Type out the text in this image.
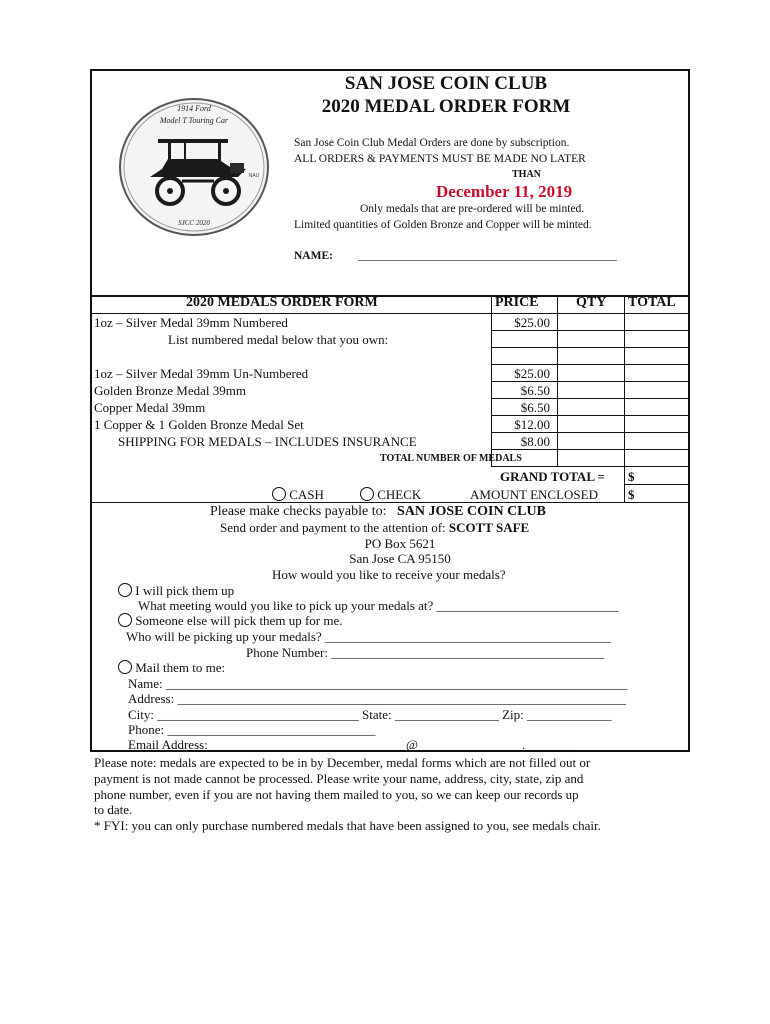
1914 Ford
Model T Touring Car
NAU
SJCC 2020
SAN JOSE COIN CLUB
2020 MEDAL ORDER FORM
San Jose Coin Club Medal Orders are done by subscription.
ALL ORDERS & PAYMENTS MUST BE MADE NO LATER
THAN
December 11, 2019
Only medals that are pre-ordered will be minted.
Limited quantities of Golden Bronze and Copper will be minted.
NAME: _____________________________________________
2020 MEDALS ORDER FORM	PRICE	QTY TOTAL
1oz – Silver Medal 39mm Numbered	$25.00
List numbered medal below that you own:
1oz – Silver Medal 39mm Un-Numbered	$25.00
Golden Bronze Medal 39mm	$6.50
Copper Medal 39mm	$6.50
1 Copper & 1 Golden Bronze Medal Set	$12.00
SHIPPING FOR MEDALS – INCLUDES INSURANCE	$8.00
TOTAL NUMBER OF MEDALS
GRAND TOTAL = $
CASH	CHECK	AMOUNT ENCLOSED $
Please make checks payable to: SAN JOSE COIN CLUB
Send order and payment to the attention of: SCOTT SAFE
PO Box 5621
San Jose CA 95150
How would you like to receive your medals?
I will pick them up
What meeting would you like to pick up your medals at? ____________________________
Someone else will pick them up for me.
Who will be picking up your medals? ____________________________________________
Phone Number: __________________________________________
Mail them to me:
Name: _______________________________________________________________________
Address: _____________________________________________________________________
City: _______________________________ State: ________________ Zip: _____________
Phone: ________________________________
Email Address: ______________________________@________________.________
Please note: medals are expected to be in by December, medal forms which are not filled out or
payment is not made cannot be processed. Please write your name, address, city, state, zip and
phone number, even if you are not having them mailed to you, so we can keep our records up
to date.
* FYI: you can only purchase numbered medals that have been assigned to you, see medals chair.
